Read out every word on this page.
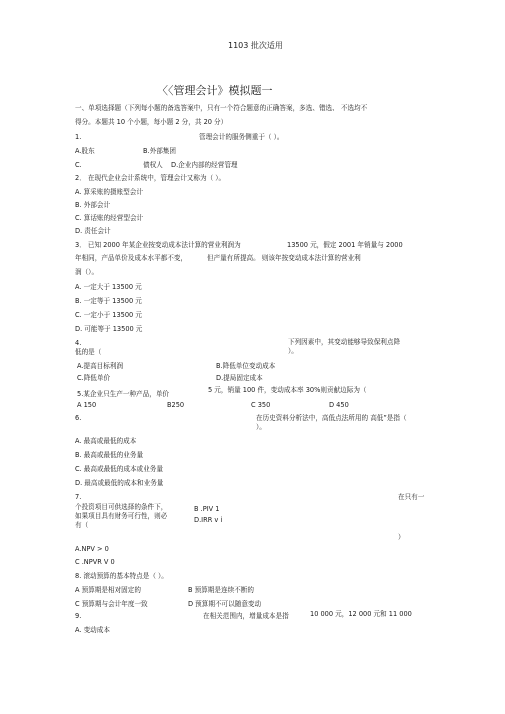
1103 批次适用
〈〈管理会计》模拟题一
一、单项选择题（下列每小题的备选答案中，只有一个符合题意的正确答案，多选、错选、 不选均不
得分。本题共 10 个小题，每小题 2 分，共 20 分）
1.	管理会计的服务侧重于（ ）。
A.股东	B.外部集团
C.	债权人 D.企业内部的经营管理
2． 在现代企业会计系统中，管理会计又称为（ ）。
A. 算采账的摄账型会计
B. 外部会计
C. 算话账的经营型会计
D. 责任会计
3． 已知 2000 年某企业按变动成本法计算的营业利润为	13500 元，假定 2001 年销量与 2000
年相同，产品单价及成本水平都不变，	但产量有所提高。 则该年按变动成本法计算的营业利
润（）。
A. 一定大于 13500 元
B. 一定等于 13500 元
C. 一定小于 13500 元
D. 可能等于 13500 元
4.	下列因素中，其变动能够导致保利点降
低的是（	）。
A.提高目标利润	B.降低单位变动成本
C.降低单价	D.提局固定成本
5.某企业只生产一种产品，单价	5 元，销量 100 件，变动成本率 30%则贡献边际为（
A 150	B250	C 350	D 450
6.	在历史资料分析法中，高低点法所用的 高低”是指（
）。
A. 最高或最低的成本
B. 最高或最低的业务量
C. 最高或最低的成本或业务量
D. 最高或最低的成本和业务量
7.	在只有一
个投资项目可供选择的条件下，
如果项目具有财务可行性，则必
有（
B .PIV 1
D.IRR v i
）
A.NPV > 0
C .NPVR V 0
8. 滚动预算的基本特点是（ ）。
A 预算期是相对固定的	B 预算期是连续不断的
C 预算期与会计年度一致	D 预算期不可以随意变动
9.	在相关范围内，增量成本是指	10 000 元，12 000 元和 11 000
A. 变动成本
